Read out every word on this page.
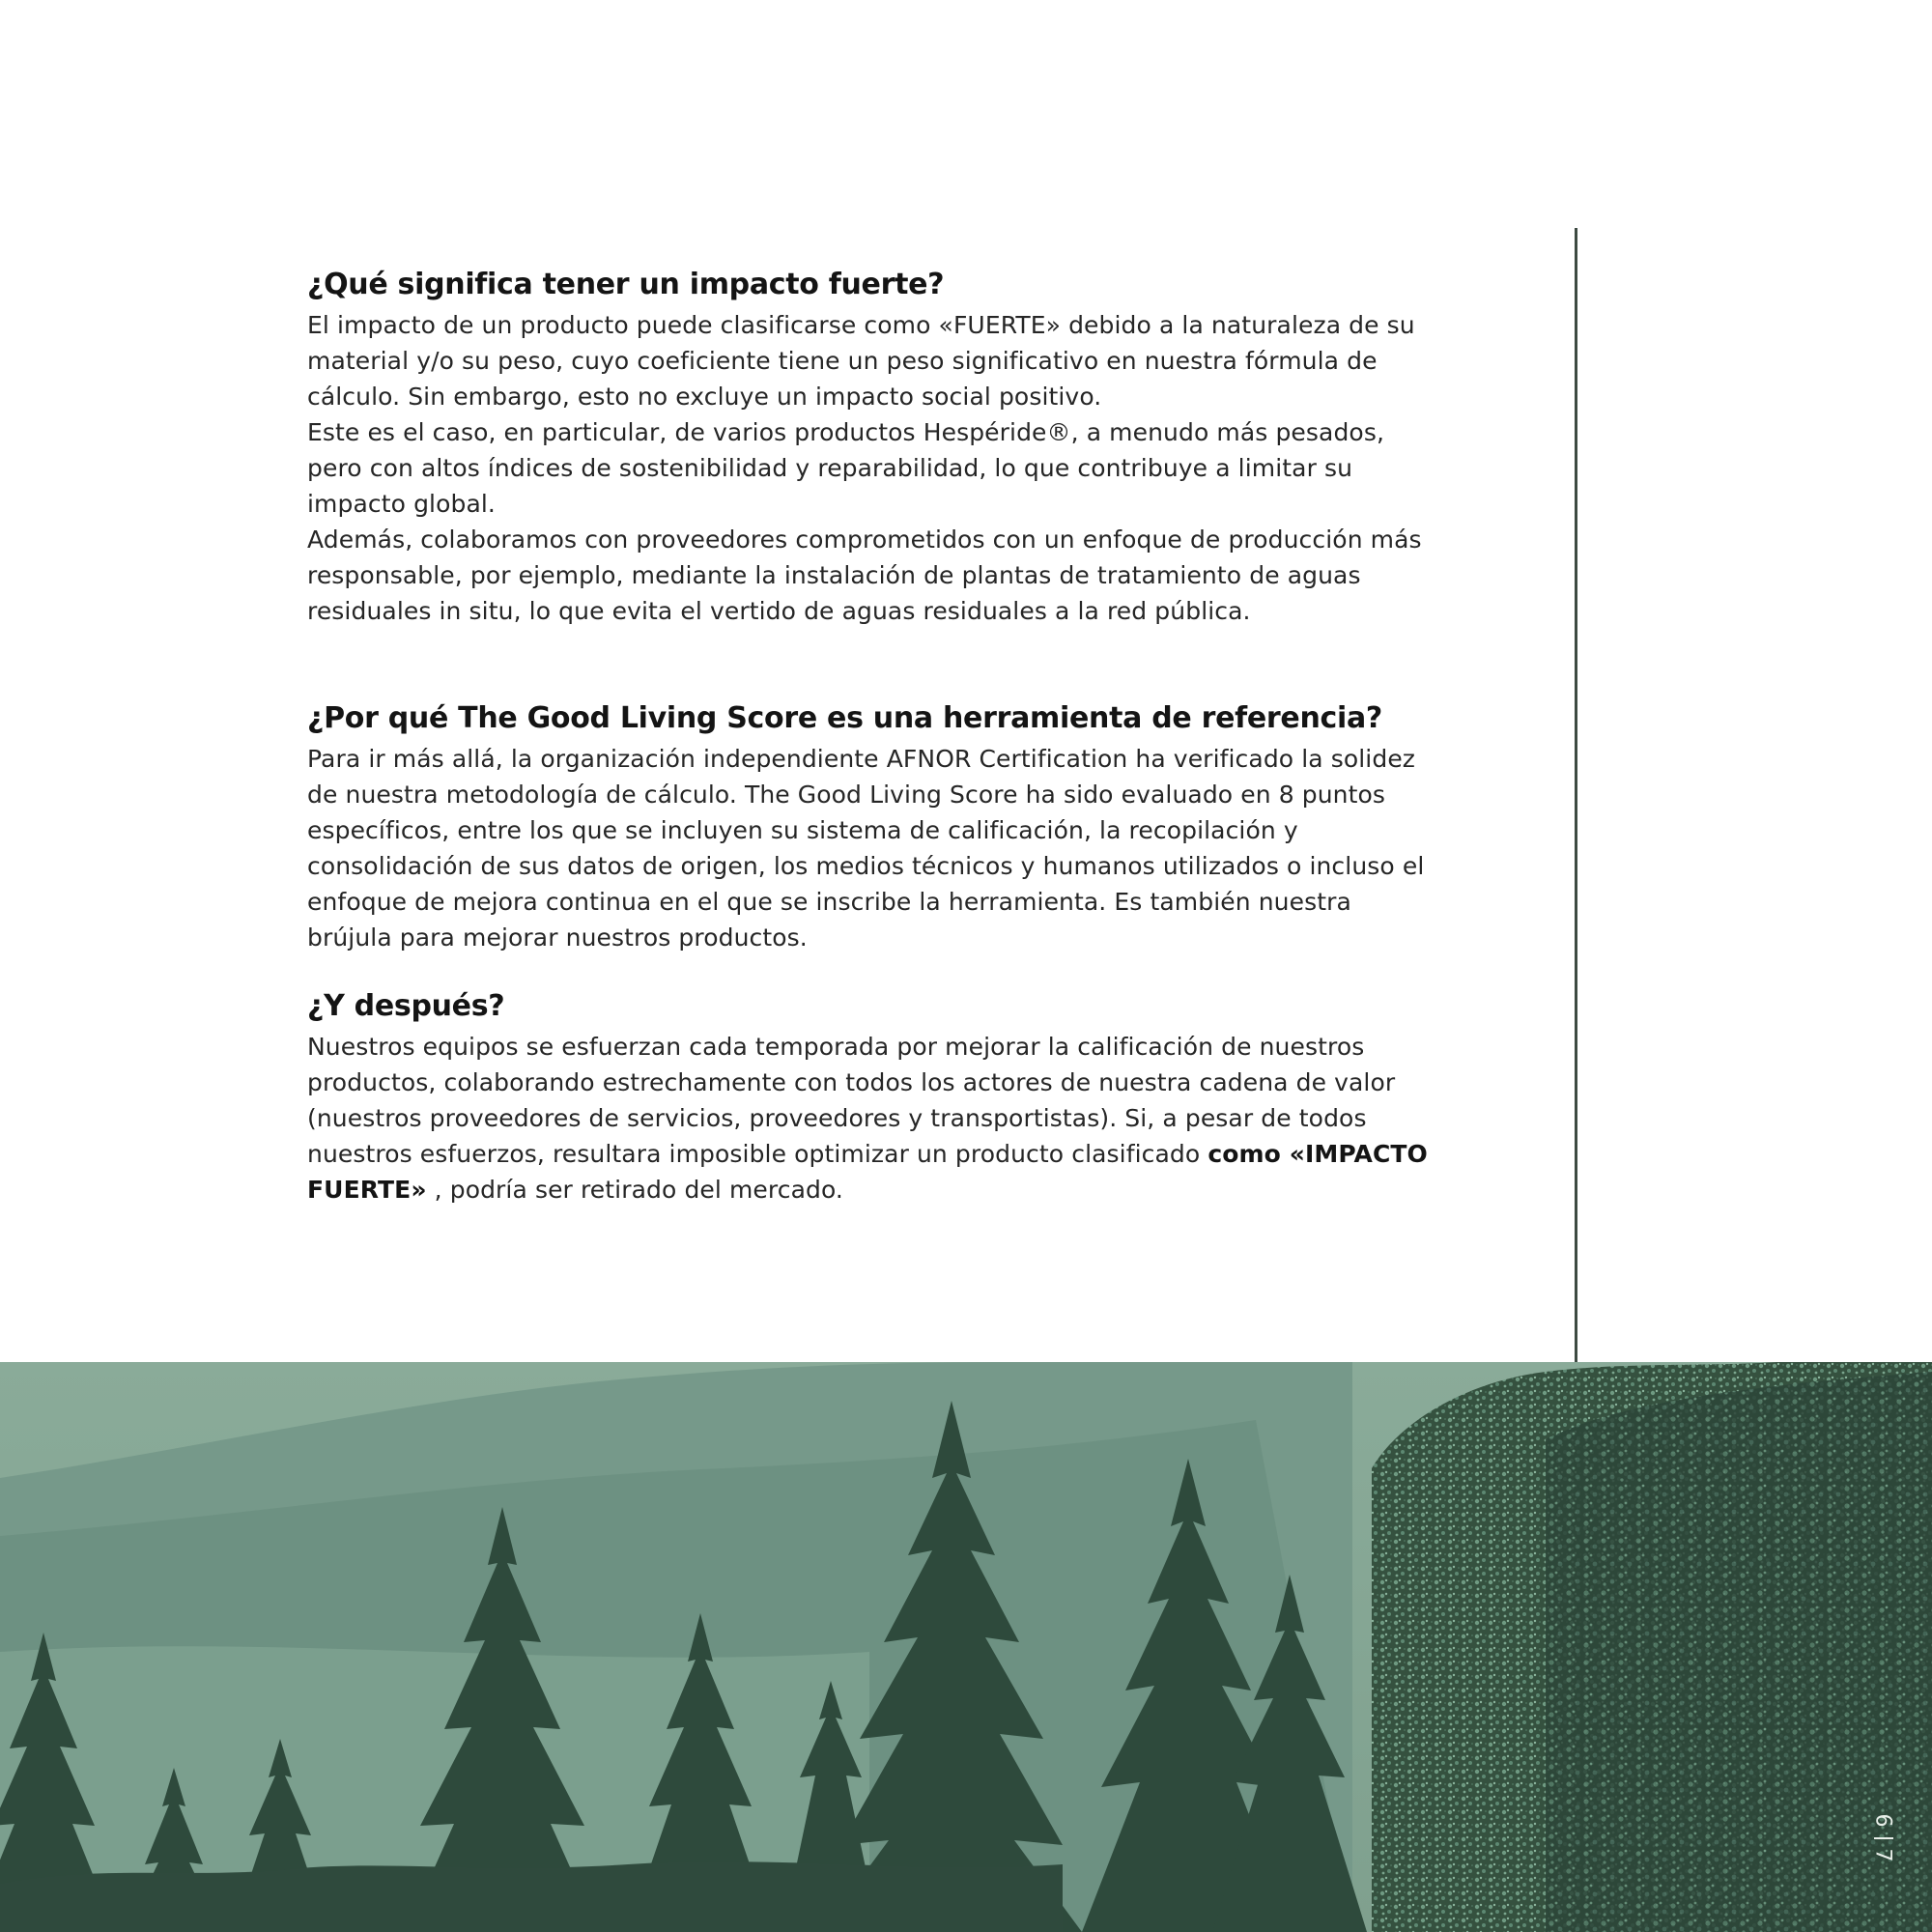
¿Qué significa tener un impacto fuerte?

El impacto de un producto puede clasificarse como «FUERTE» debido a la naturaleza de su material y/o su peso, cuyo coeficiente tiene un peso significativo en nuestra fórmula de cálculo. Sin embargo, esto no excluye un impacto social positivo.

Este es el caso, en particular, de varios productos Hespéride®, a menudo más pesados, pero con altos índices de sostenibilidad y reparabilidad, lo que contribuye a limitar su impacto global.

Además, colaboramos con proveedores comprometidos con un enfoque de producción más responsable, por ejemplo, mediante la instalación de plantas de tratamiento de aguas residuales in situ, lo que evita el vertido de aguas residuales a la red pública.

¿Por qué The Good Living Score es una herramienta de referencia?

Para ir más allá, la organización independiente AFNOR Certification ha verificado la solidez de nuestra metodología de cálculo. The Good Living Score ha sido evaluado en 8 puntos específicos, entre los que se incluyen su sistema de calificación, la recopilación y consolidación de sus datos de origen, los medios técnicos y humanos utilizados o incluso el enfoque de mejora continua en el que se inscribe la herramienta. Es también nuestra brújula para mejorar nuestros productos.

¿Y después?

Nuestros equipos se esfuerzan cada temporada por mejorar la calificación de nuestros productos, colaborando estrechamente con todos los actores de nuestra cadena de valor (nuestros proveedores de servicios, proveedores y transportistas). Si, a pesar de todos nuestros esfuerzos, resultara imposible optimizar un producto clasificado como «IMPACTO FUERTE» , podría ser retirado del mercado.

6
7
